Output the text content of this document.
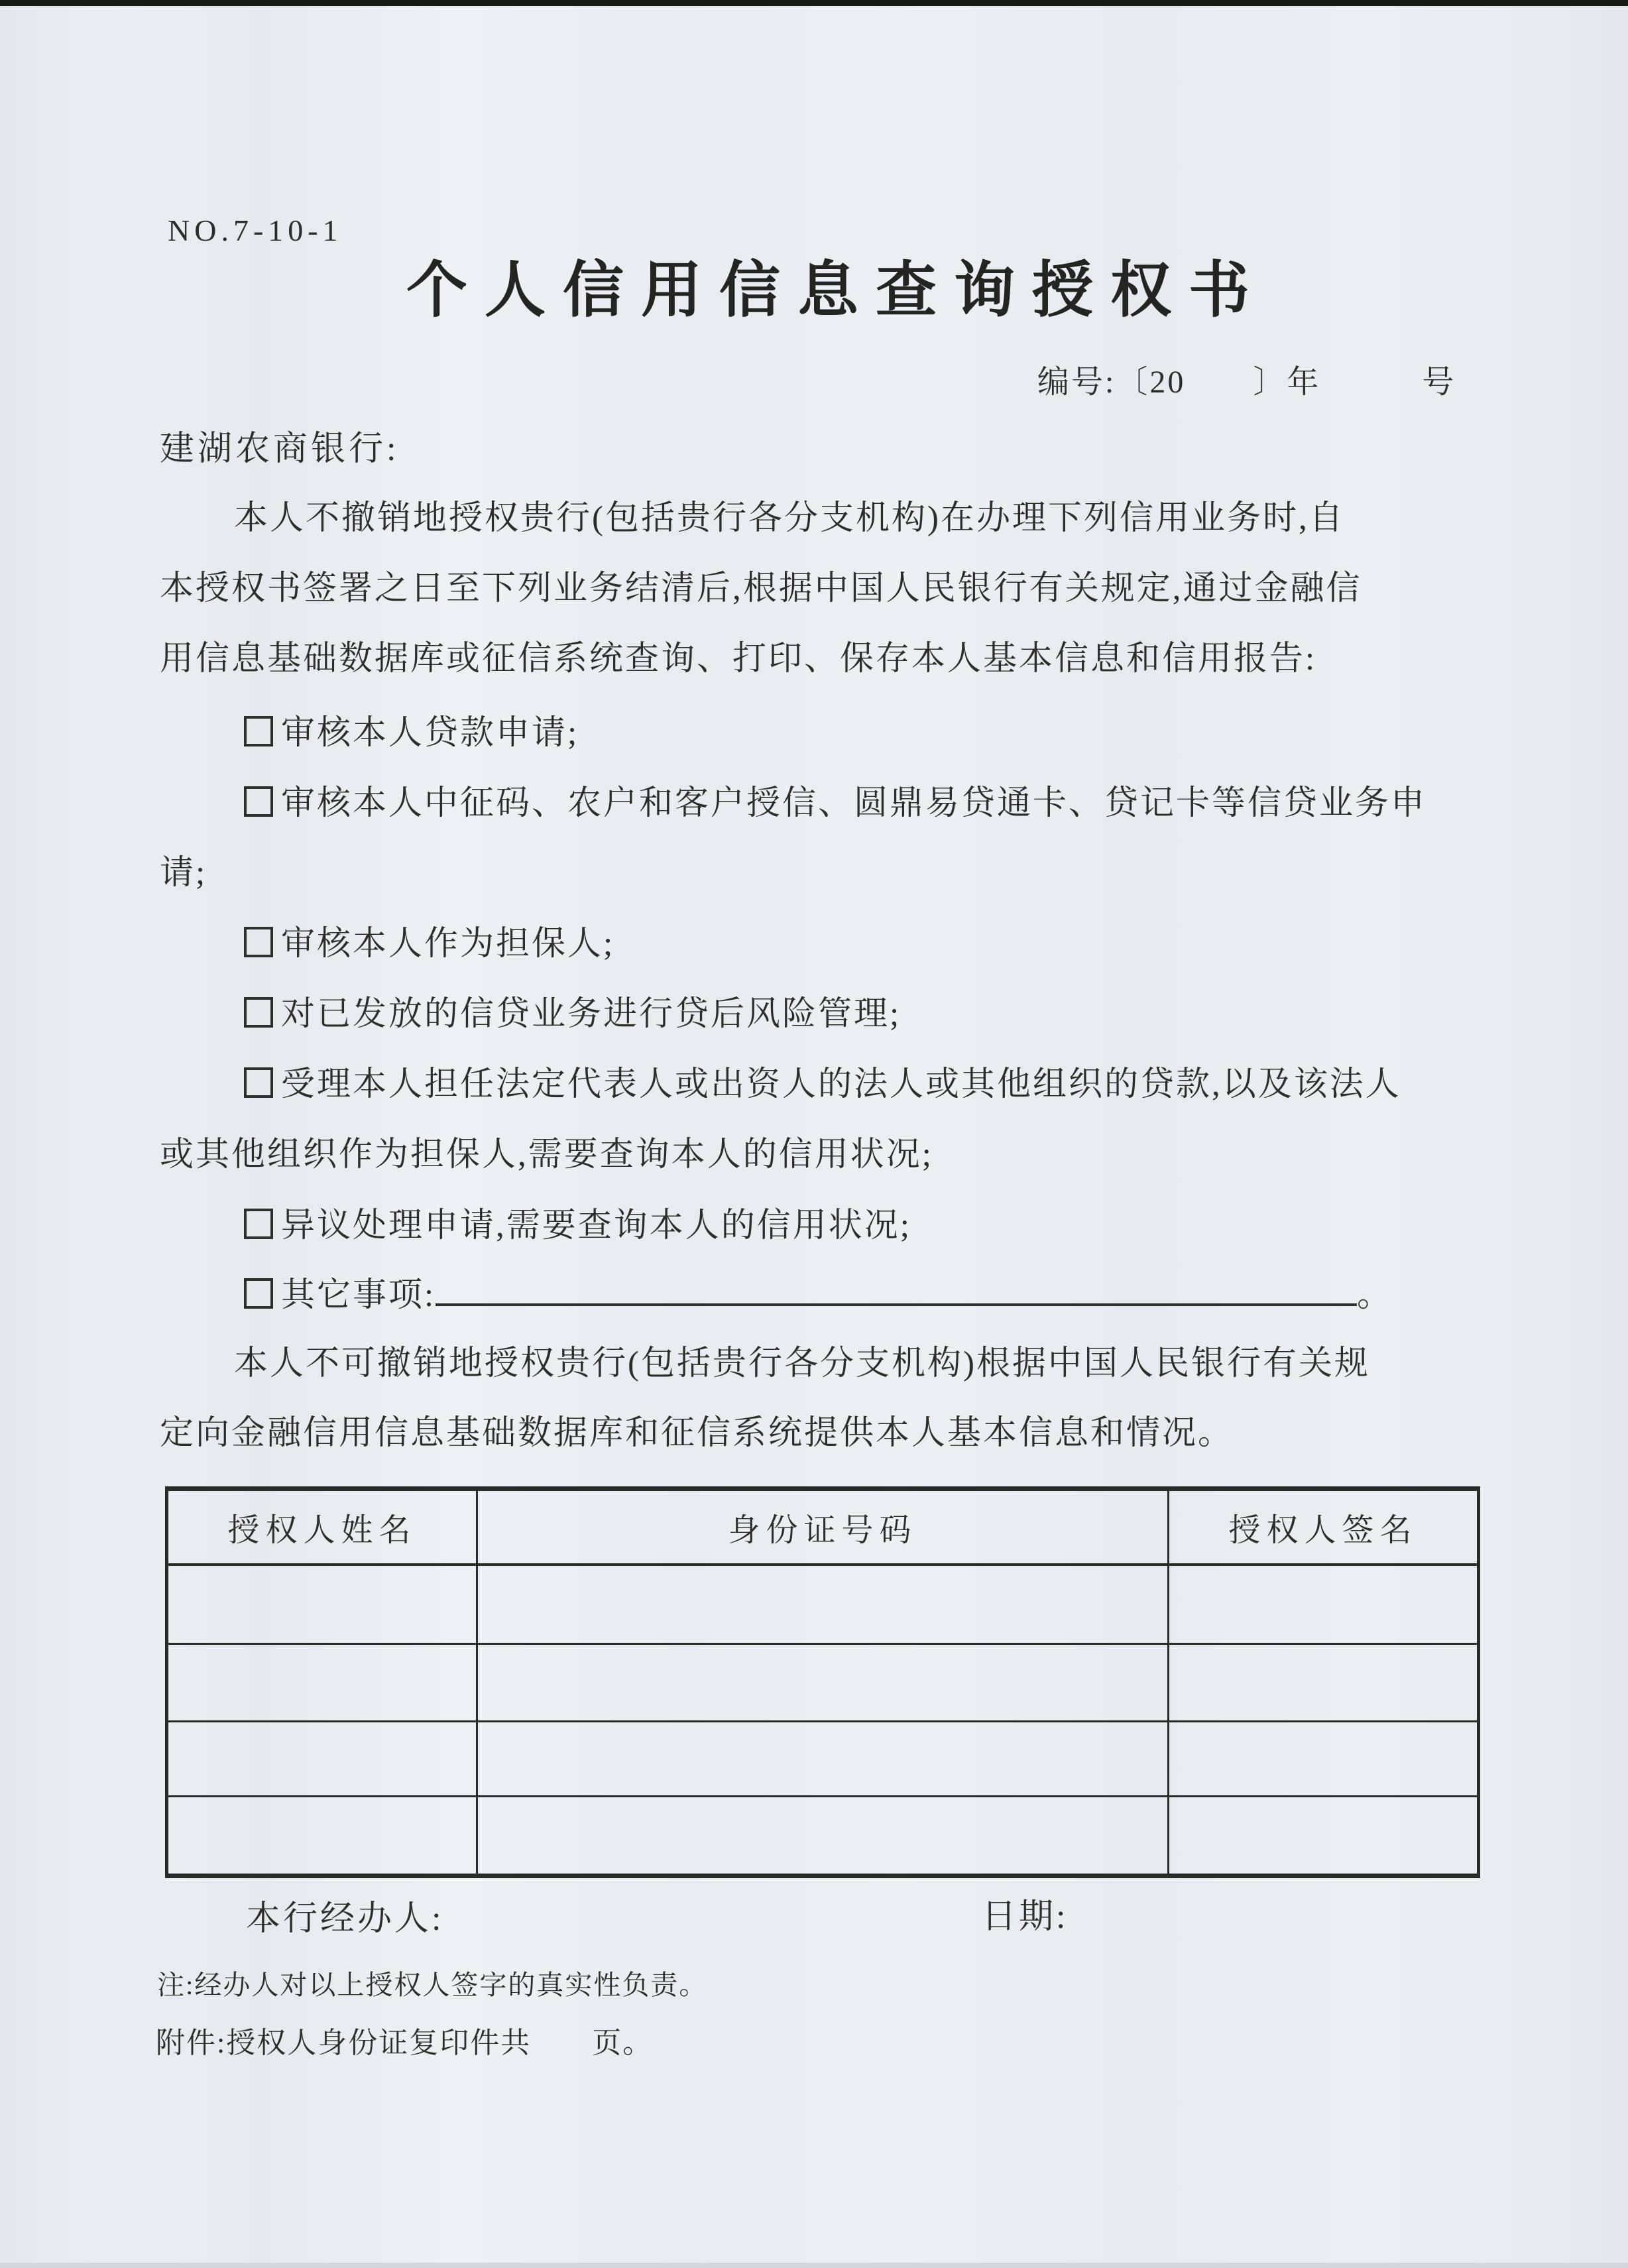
NO.7-10-1
个人信用信息查询授权书
编号:〔20　　〕年　　　号
建湖农商银行:
本人不撤销地授权贵行(包括贵行各分支机构)在办理下列信用业务时,自
本授权书签署之日至下列业务结清后,根据中国人民银行有关规定,通过金融信
用信息基础数据库或征信系统查询、打印、保存本人基本信息和信用报告:
审核本人贷款申请;
审核本人中征码、农户和客户授信、圆鼎易贷通卡、贷记卡等信贷业务申
请;
审核本人作为担保人;
对已发放的信贷业务进行贷后风险管理;
受理本人担任法定代表人或出资人的法人或其他组织的贷款,以及该法人
或其他组织作为担保人,需要查询本人的信用状况;
异议处理申请,需要查询本人的信用状况;
其它事项:	。
本人不可撤销地授权贵行(包括贵行各分支机构)根据中国人民银行有关规
定向金融信用信息基础数据库和征信系统提供本人基本信息和情况。
授权人姓名	身份证号码	授权人签名

本行经办人:	日期:
注:经办人对以上授权人签字的真实性负责。
附件:授权人身份证复印件共　　页。
